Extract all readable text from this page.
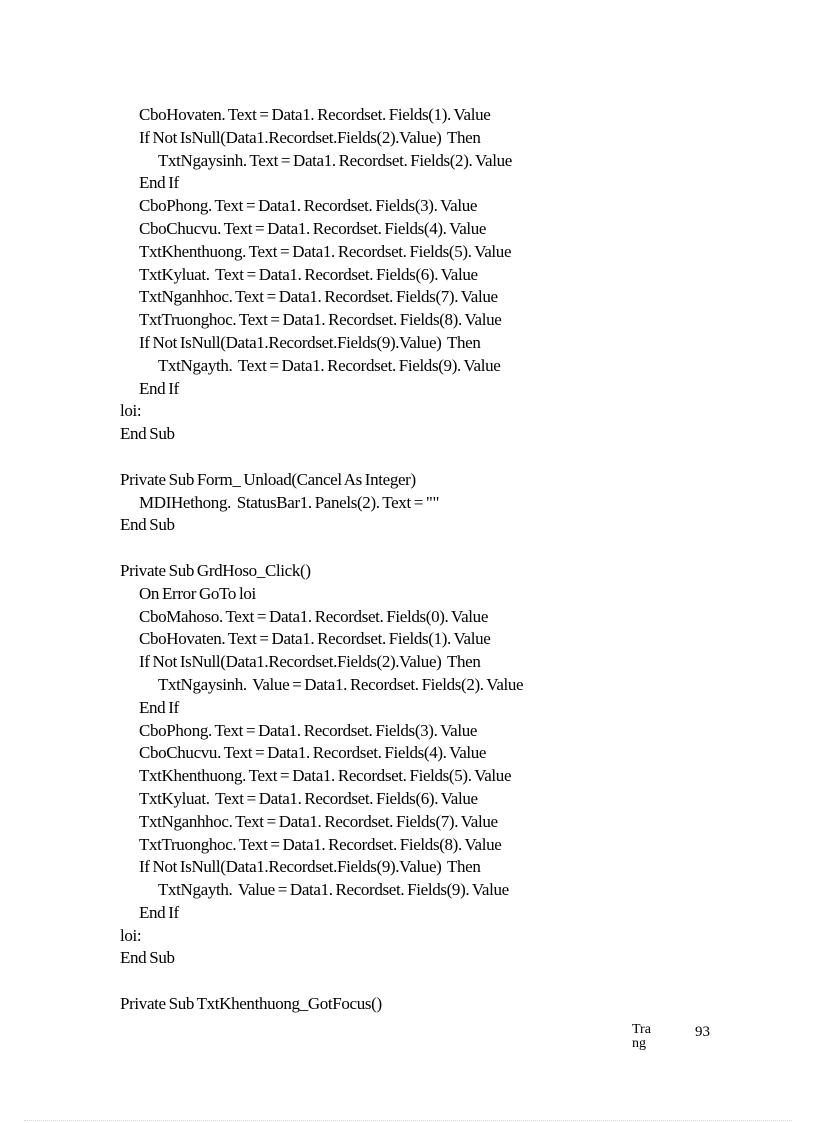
CboHovaten. Text = Data1. Recordset. Fields(1). Value
If Not IsNull(Data1.Recordset.Fields(2).Value)  Then
TxtNgaysinh. Text = Data1. Recordset. Fields(2). Value
End If
CboPhong. Text = Data1. Recordset. Fields(3). Value
CboChucvu. Text = Data1. Recordset. Fields(4). Value
TxtKhenthuong. Text = Data1. Recordset. Fields(5). Value
TxtKyluat.  Text = Data1. Recordset. Fields(6). Value
TxtNganhhoc. Text = Data1. Recordset. Fields(7). Value
TxtTruonghoc. Text = Data1. Recordset. Fields(8). Value
If Not IsNull(Data1.Recordset.Fields(9).Value)  Then
TxtNgayth.  Text = Data1. Recordset. Fields(9). Value
End If
loi:
End Sub
Private Sub Form_ Unload(Cancel As Integer)
MDIHethong.  StatusBar1. Panels(2). Text = ""
End Sub
Private Sub GrdHoso_Click()
On Error GoTo loi
CboMahoso. Text = Data1. Recordset. Fields(0). Value
CboHovaten. Text = Data1. Recordset. Fields(1). Value
If Not IsNull(Data1.Recordset.Fields(2).Value)  Then
TxtNgaysinh.  Value = Data1. Recordset. Fields(2). Value
End If
CboPhong. Text = Data1. Recordset. Fields(3). Value
CboChucvu. Text = Data1. Recordset. Fields(4). Value
TxtKhenthuong. Text = Data1. Recordset. Fields(5). Value
TxtKyluat.  Text = Data1. Recordset. Fields(6). Value
TxtNganhhoc. Text = Data1. Recordset. Fields(7). Value
TxtTruonghoc. Text = Data1. Recordset. Fields(8). Value
If Not IsNull(Data1.Recordset.Fields(9).Value)  Then
TxtNgayth.  Value = Data1. Recordset. Fields(9). Value
End If
loi:
End Sub
Private Sub TxtKhenthuong_GotFocus()
Trang93
